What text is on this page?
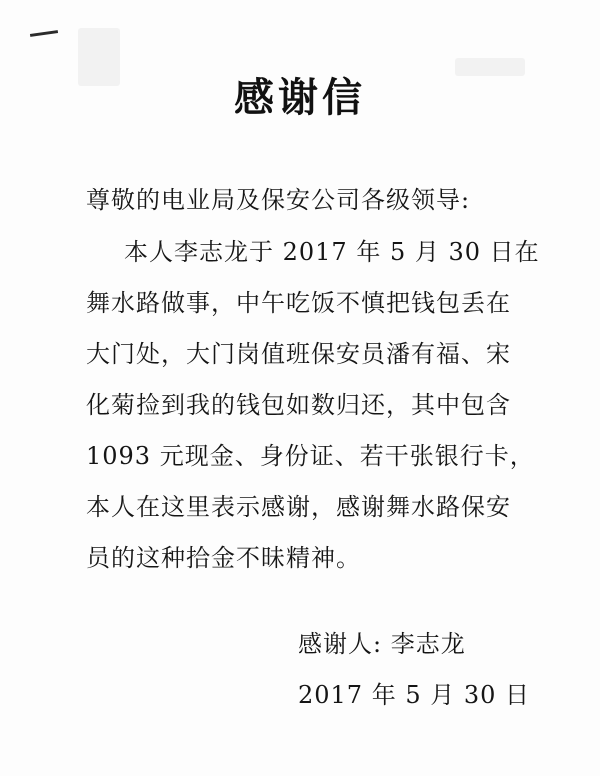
感谢信
尊敬的电业局及保安公司各级领导:
本人李志龙于 2017 年 5 月 30 日在
舞水路做事，中午吃饭不慎把钱包丢在
大门处，大门岗值班保安员潘有福、宋
化菊捡到我的钱包如数归还，其中包含
1093 元现金、身份证、若干张银行卡，
本人在这里表示感谢，感谢舞水路保安
员的这种拾金不昧精神。
感谢人: 李志龙
2017 年 5 月 30 日
